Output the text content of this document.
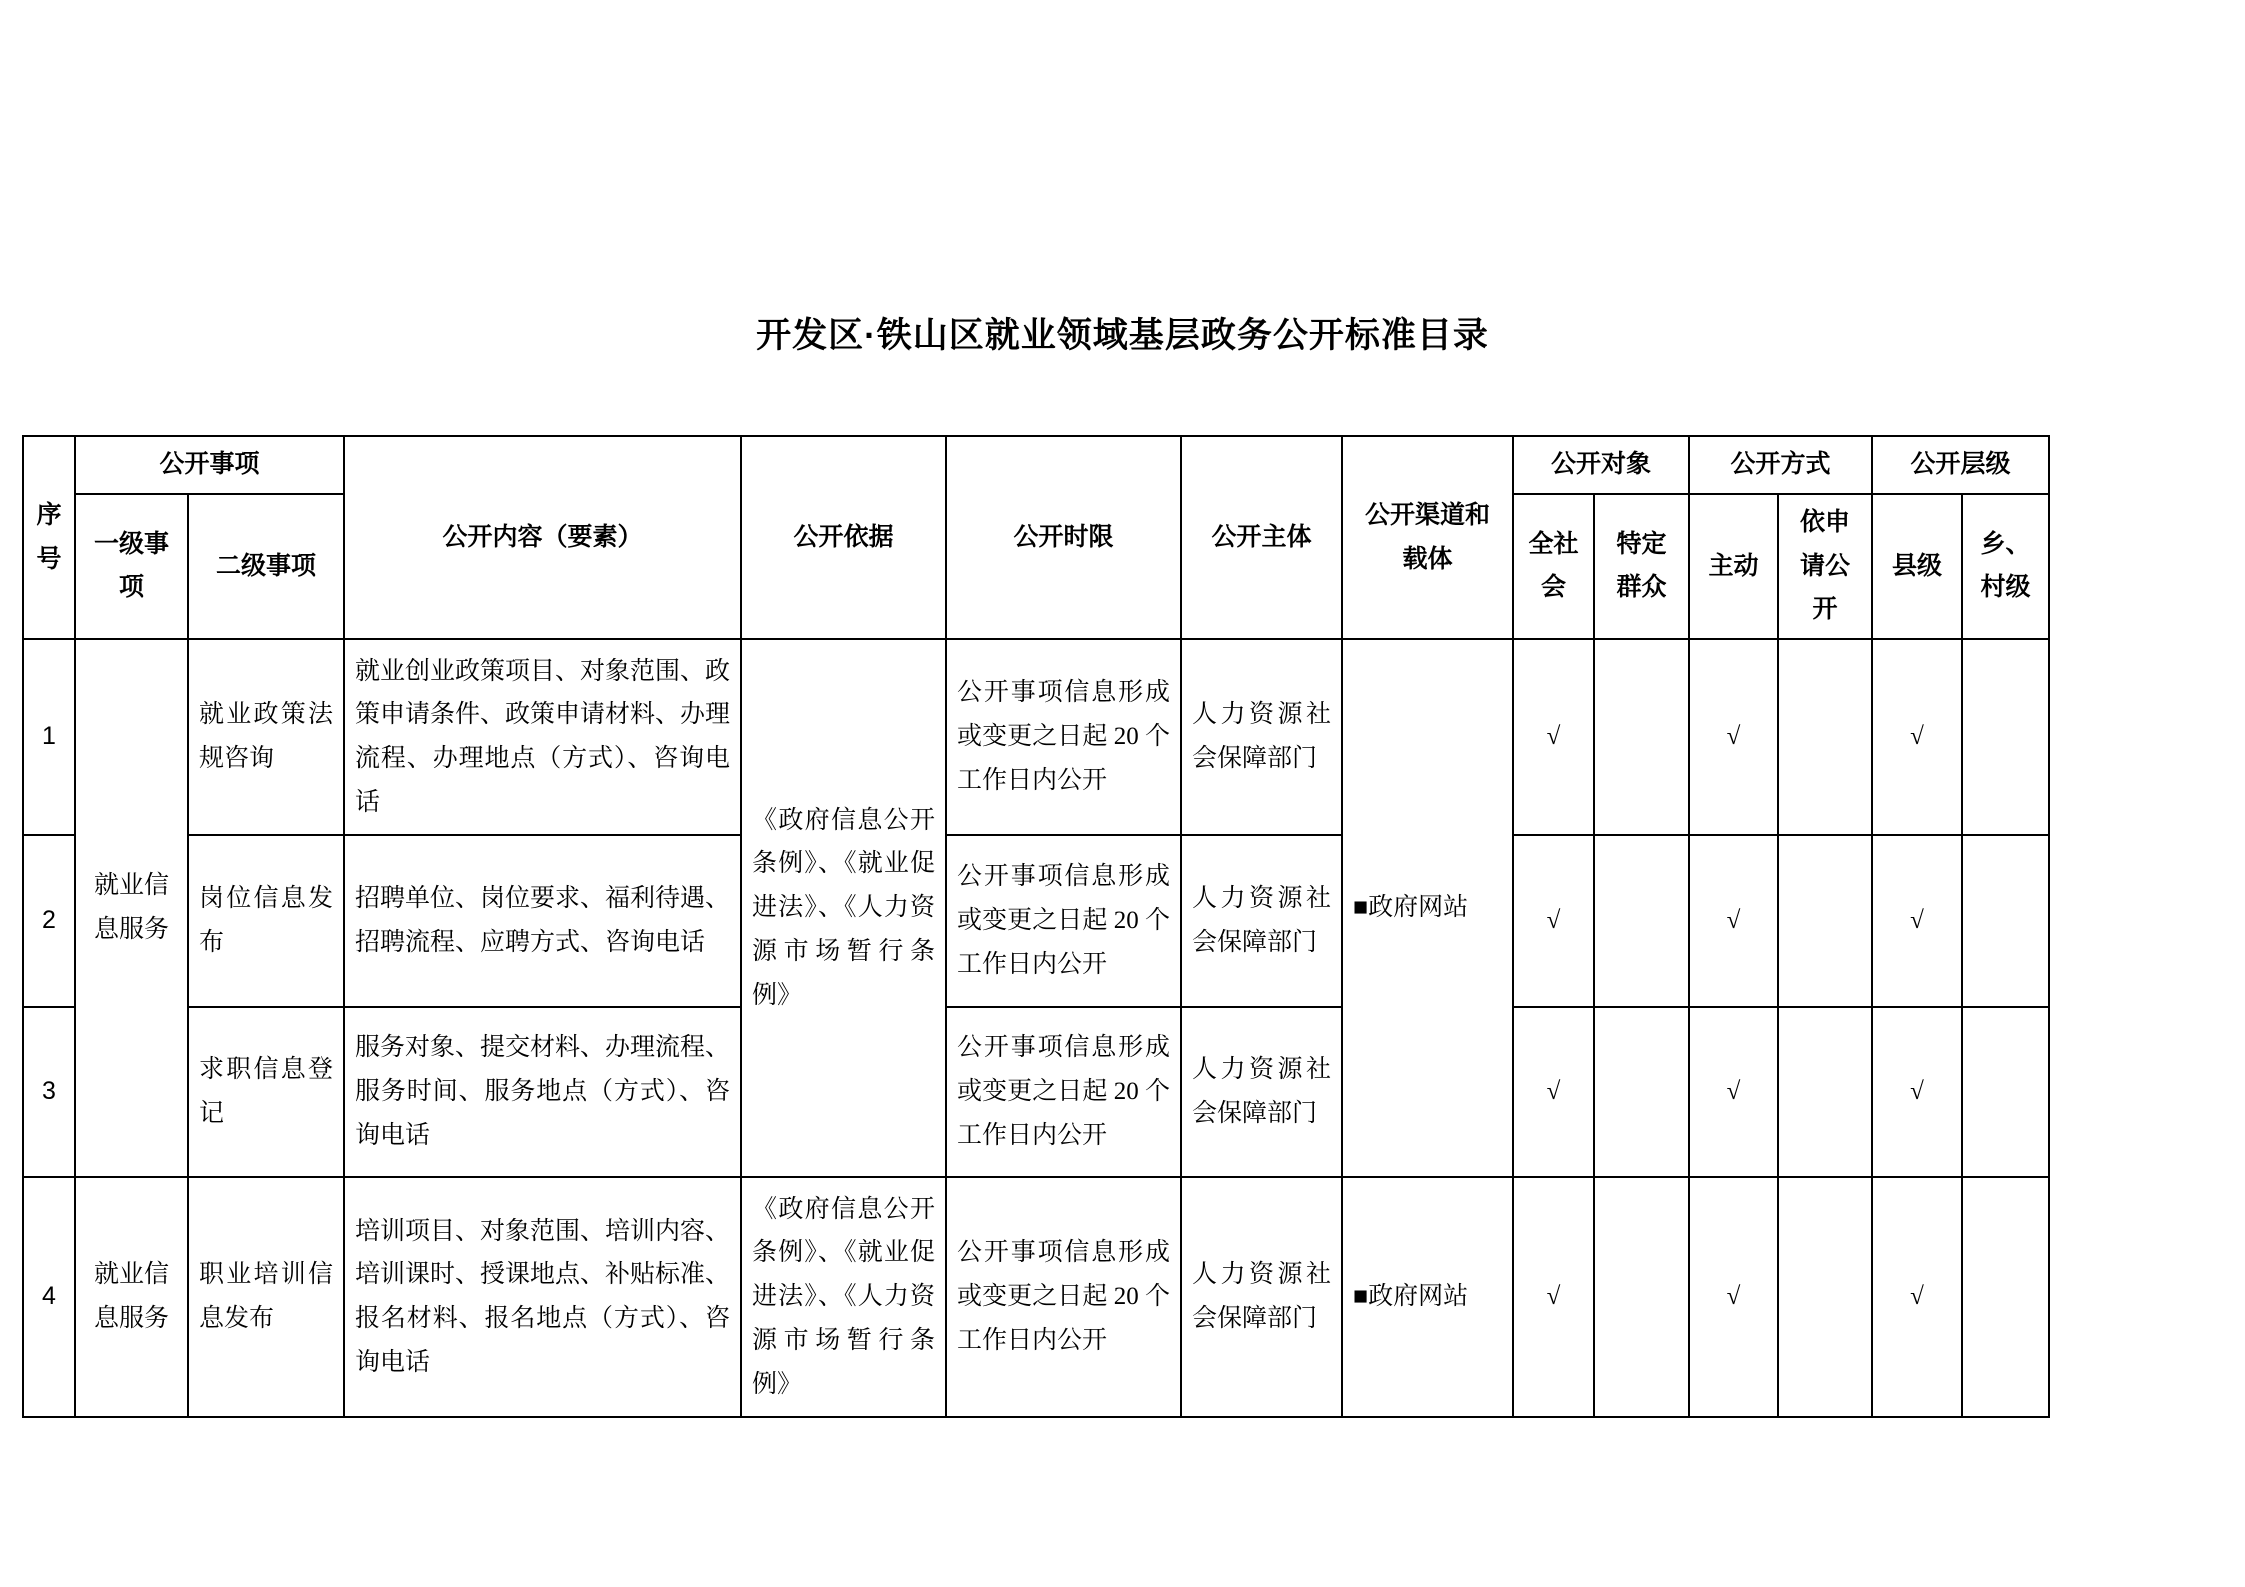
开发区·铁山区就业领域基层政务公开标准目录
序号	公开事项		公开内容（要素）	公开依据	公开时限	公开主体	公开渠道和载体	公开对象		公开方式		公开层级	
	一级事项	二级事项						全社会	特定群众	主动	依申请公开	县级	乡、村级
1	就业信息服务	就业政策法规咨询	就业创业政策项目、对象范围、政策申请条件、政策申请材料、办理流程、办理地点（方式）、咨询电话	《政府信息公开条例》、《就业促进法》、《人力资源市场暂行条例》	公开事项信息形成或变更之日起 20 个工作日内公开	人力资源社会保障部门	■政府网站	√		√		√	
2		岗位信息发布	招聘单位、岗位要求、福利待遇、招聘流程、应聘方式、咨询电话		公开事项信息形成或变更之日起 20 个工作日内公开	人力资源社会保障部门		√		√		√	
3		求职信息登记	服务对象、提交材料、办理流程、服务时间、服务地点（方式）、咨询电话		公开事项信息形成或变更之日起 20 个工作日内公开	人力资源社会保障部门		√		√		√	
4	就业信息服务	职业培训信息发布	培训项目、对象范围、培训内容、培训课时、授课地点、补贴标准、报名材料、报名地点（方式）、咨询电话	《政府信息公开条例》、《就业促进法》、《人力资源市场暂行条例》	公开事项信息形成或变更之日起 20 个工作日内公开	人力资源社会保障部门	■政府网站	√		√		√	
